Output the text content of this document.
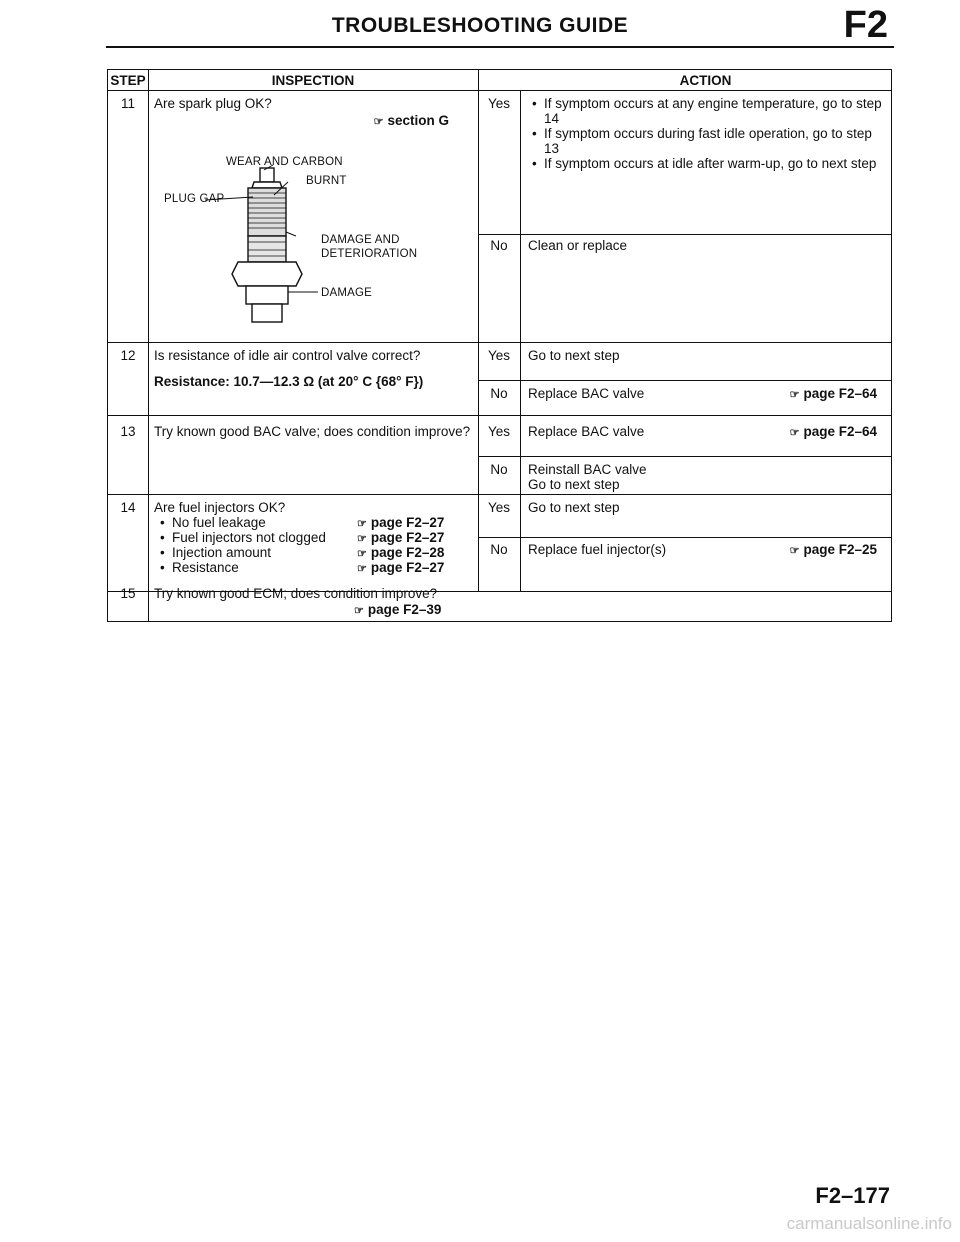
TROUBLESHOOTING GUIDE	F2
STEP	INSPECTION	ACTION
11	Are spark plug OK?
☞ section G
WEAR AND CARBON
BURNT
PLUG GAP
DAMAGE AND
DETERIORATION
DAMAGE
Yes
•	If symptom occurs at any engine temperature, go to step 14
• If symptom occurs during fast idle operation, go to step 13
• If symptom occurs at idle after warm-up, go to next step
No	Clean or replace
12	Is resistance of idle air control valve correct?
Resistance: 10.7—12.3 Ω (at 20° C {68° F})
Yes	Go to next step
No	Replace BAC valve	☞ page F2–64
13	Try known good BAC valve; does condition improve?	Yes	Replace BAC valve	☞ page F2–64
No	Reinstall BAC valve
Go to next step
14	Are fuel injectors OK?
• No fuel leakage	☞ page F2–27
• Fuel injectors not clogged	☞ page F2–27
• Injection amount	☞ page F2–28
• Resistance	☞ page F2–27
Yes	Go to next step
No	Replace fuel injector(s)	☞ page F2–25
15	Try known good ECM; does condition improve?
☞ page F2–39
F2–177
carmanualsonline.info
